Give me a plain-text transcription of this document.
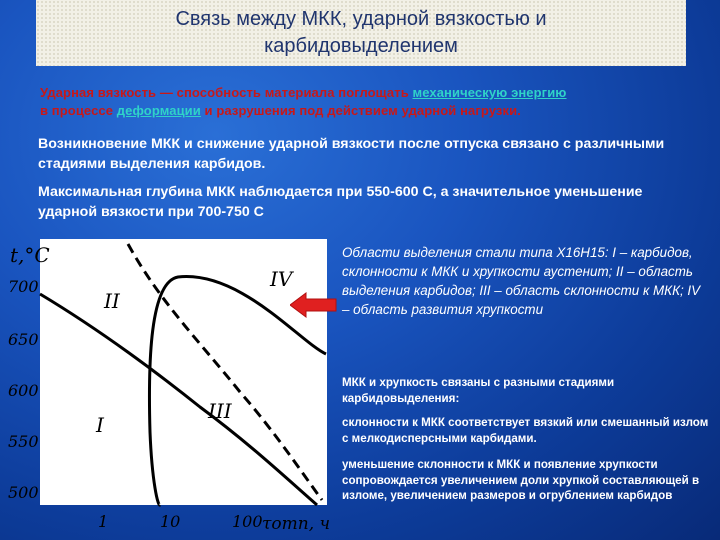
Связь между МКК, ударной вязкостью и
карбидовыделением
Ударная вязкость — способность материала поглощать механическую энергию
в процессе деформации и разрушения под действием ударной нагрузки.
Возникновение МКК и снижение ударной вязкости после отпуска связано с различными стадиями выделения карбидов.
Максимальная глубина МКК наблюдается при 550-600 С, а значительное уменьшение ударной вязкости при 700-750 С
t,°C
700
650
600
550
500
1	10	100 τотп, ч
I
II
III
IV
Области выделения стали типа Х16Н15: I – карбидов, склонности к МКК и хрупкости аустенит; II – область выделения карбидов; III – область склонности к МКК; IV – область развития хрупкости
МКК и хрупкость связаны с разными стадиями карбидовыделения:
склонности к МКК соответствует вязкий или смешанный излом с мелкодисперсными карбидами.
уменьшение склонности к МКК и появление хрупкости сопровождается увеличением доли хрупкой составляющей в изломе, увеличением размеров и огрублением карбидов
